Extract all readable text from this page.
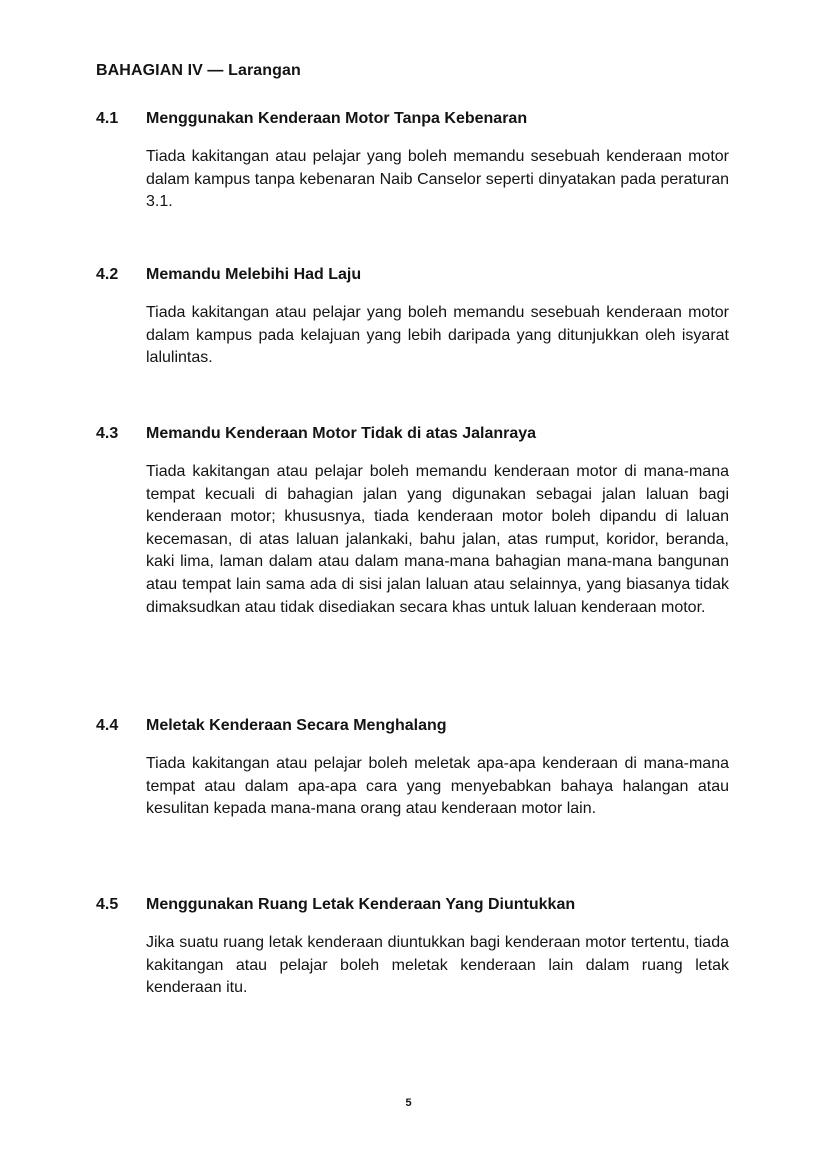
BAHAGIAN IV — Larangan
4.1	Menggunakan Kenderaan Motor Tanpa Kebenaran
Tiada kakitangan atau pelajar yang boleh memandu sesebuah kenderaan motor dalam kampus tanpa kebenaran Naib Canselor seperti dinyatakan pada peraturan 3.1.
4.2	Memandu Melebihi Had Laju
Tiada kakitangan atau pelajar yang boleh memandu sesebuah kenderaan motor dalam kampus pada kelajuan yang lebih daripada yang ditunjukkan oleh isyarat lalulintas.
4.3	Memandu Kenderaan Motor Tidak di atas Jalanraya
Tiada kakitangan atau pelajar boleh memandu kenderaan motor di mana-mana tempat kecuali di bahagian jalan yang digunakan sebagai jalan laluan bagi kenderaan motor; khususnya, tiada kenderaan motor boleh dipandu di laluan kecemasan, di atas laluan jalankaki, bahu jalan, atas rumput, koridor, beranda, kaki lima, laman dalam atau dalam mana-mana bahagian mana-mana bangunan atau tempat lain sama ada di sisi jalan laluan atau selainnya, yang biasanya tidak dimaksudkan atau tidak disediakan secara khas untuk laluan kenderaan motor.
4.4	Meletak Kenderaan Secara Menghalang
Tiada kakitangan atau pelajar boleh meletak apa-apa kenderaan di mana-mana tempat atau dalam apa-apa cara yang menyebabkan bahaya halangan atau kesulitan kepada mana-mana orang atau kenderaan motor lain.
4.5	Menggunakan Ruang Letak Kenderaan Yang Diuntukkan
Jika suatu ruang letak kenderaan diuntukkan bagi kenderaan motor tertentu, tiada kakitangan atau pelajar boleh meletak kenderaan lain dalam ruang letak kenderaan itu.
5
